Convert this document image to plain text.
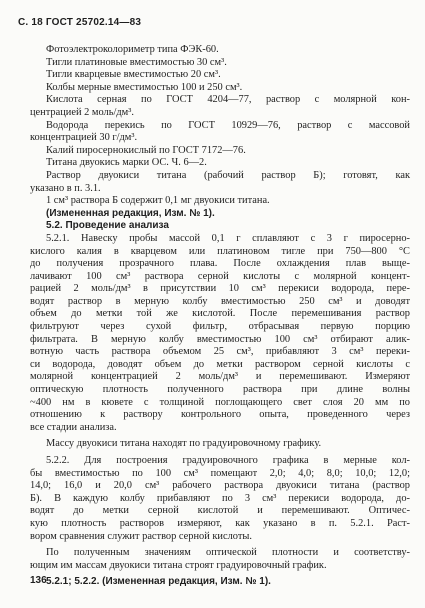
С. 18 ГОСТ 25702.14—83

Фотоэлектроколориметр типа ФЭК-60.

Тигли платиновые вместимостью 30 см³.

Тигли кварцевые вместимостью 20 см³.

Колбы мерные вместимостью 100 и 250 см³.

Кислота серная по ГОСТ 4204—77, раствор с молярной кон-

центрацией 2 моль/дм³.

Водорода перекись по ГОСТ 10929—76, раствор с массовой

концентрацией 30 г/дм³.

Калий пиросернокислый по ГОСТ 7172—76.

Титана двуокись марки ОС. Ч. 6—2.

Раствор двуокиси титана (рабочий раствор Б); готовят, как

указано в п. 3.1.

1 см³ раствора Б содержит 0,1 мг двуокиси титана.

(Измененная редакция, Изм. № 1).

5.2. Проведение анализа

5.2.1. Навеску пробы массой 0,1 г сплавляют с 3 г пиросерно-

кислого калия в кварцевом или платиновом тигле при 750—800 °С

до получения прозрачного плава. После охлаждения плав выще-

лачивают 100 см³ раствора серной кислоты с молярной концент-

рацией 2 моль/дм³ в присутствии 10 см³ перекиси водорода, пере-

водят раствор в мерную колбу вместимостью 250 см³ и доводят

объем до метки той же кислотой. После перемешивания раствор

фильтруют через сухой фильтр, отбрасывая первую порцию

фильтрата. В мерную колбу вместимостью 100 см³ отбирают алик-

вотную часть раствора объемом 25 см³, прибавляют 3 см³ переки-

си водорода, доводят объем до метки раствором серной кислоты с

молярной концентрацией 2 моль/дм³ и перемешивают. Измеряют

оптическую плотность полученного раствора при длине волны

~400 нм в кювете с толщиной поглощающего свет слоя 20 мм по

отношению к раствору контрольного опыта, проведенного через

все стадии анализа.

Массу двуокиси титана находят по градуировочному графику.

5.2.2. Для построения градуировочного графика в мерные кол-

бы вместимостью по 100 см³ помещают 2,0; 4,0; 8,0; 10,0; 12,0;

14,0; 16,0 и 20,0 см³ рабочего раствора двуокиси титана (раствор

Б). В каждую колбу прибавляют по 3 см³ перекиси водорода, до-

водят до метки серной кислотой и перемешивают. Оптичес-

кую плотность растворов измеряют, как указано в п. 5.2.1. Раст-

вором сравнения служит раствор серной кислоты.

По полученным значениям оптической плотности и соответству-

ющим им массам двуокиси титана строят градуировочный график.

5.2.1; 5.2.2. (Измененная редакция, Изм. № 1).

136
